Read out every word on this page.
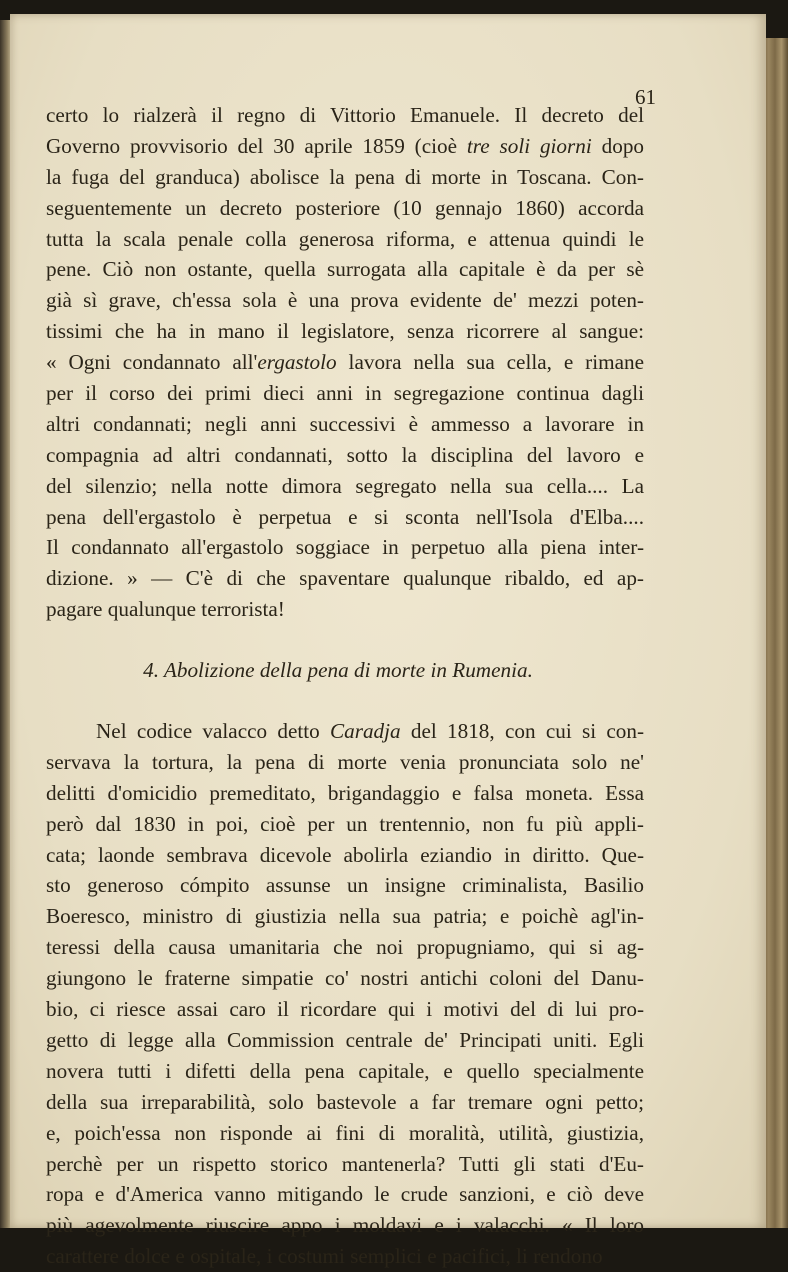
61
certo lo rialzerà il regno di Vittorio Emanuele. Il decreto del
Governo provvisorio del 30 aprile 1859 (cioè tre soli giorni dopo
la fuga del granduca) abolisce la pena di morte in Toscana. Con-
seguentemente un decreto posteriore (10 gennajo 1860) accorda
tutta la scala penale colla generosa riforma, e attenua quindi le
pene. Ciò non ostante, quella surrogata alla capitale è da per sè
già sì grave, ch'essa sola è una prova evidente de' mezzi poten-
tissimi che ha in mano il legislatore, senza ricorrere al sangue:
« Ogni condannato all'ergastolo lavora nella sua cella, e rimane
per il corso dei primi dieci anni in segregazione continua dagli
altri condannati; negli anni successivi è ammesso a lavorare in
compagnia ad altri condannati, sotto la disciplina del lavoro e
del silenzio; nella notte dimora segregato nella sua cella.... La
pena dell'ergastolo è perpetua e si sconta nell'Isola d'Elba....
Il condannato all'ergastolo soggiace in perpetuo alla piena inter-
dizione. » — C'è di che spaventare qualunque ribaldo, ed ap-
pagare qualunque terrorista!
4. Abolizione della pena di morte in Rumenia.
Nel codice valacco detto Caradja del 1818, con cui si con-
servava la tortura, la pena di morte venia pronunciata solo ne'
delitti d'omicidio premeditato, brigandaggio e falsa moneta. Essa
però dal 1830 in poi, cioè per un trentennio, non fu più appli-
cata; laonde sembrava dicevole abolirla eziandio in diritto. Que-
sto generoso cómpito assunse un insigne criminalista, Basilio
Boeresco, ministro di giustizia nella sua patria; e poichè agl'in-
teressi della causa umanitaria che noi propugniamo, qui si ag-
giungono le fraterne simpatie co' nostri antichi coloni del Danu-
bio, ci riesce assai caro il ricordare qui i motivi del di lui pro-
getto di legge alla Commission centrale de' Principati uniti. Egli
novera tutti i difetti della pena capitale, e quello specialmente
della sua irreparabilità, solo bastevole a far tremare ogni petto;
e, poich'essa non risponde ai fini di moralità, utilità, giustizia,
perchè per un rispetto storico mantenerla? Tutti gli stati d'Eu-
ropa e d'America vanno mitigando le crude sanzioni, e ciò deve
più agevolmente riuscire appo i moldavi e i valacchi. « Il loro
carattere dolce e ospitale, i costumi semplici e pacifici, li rendono
